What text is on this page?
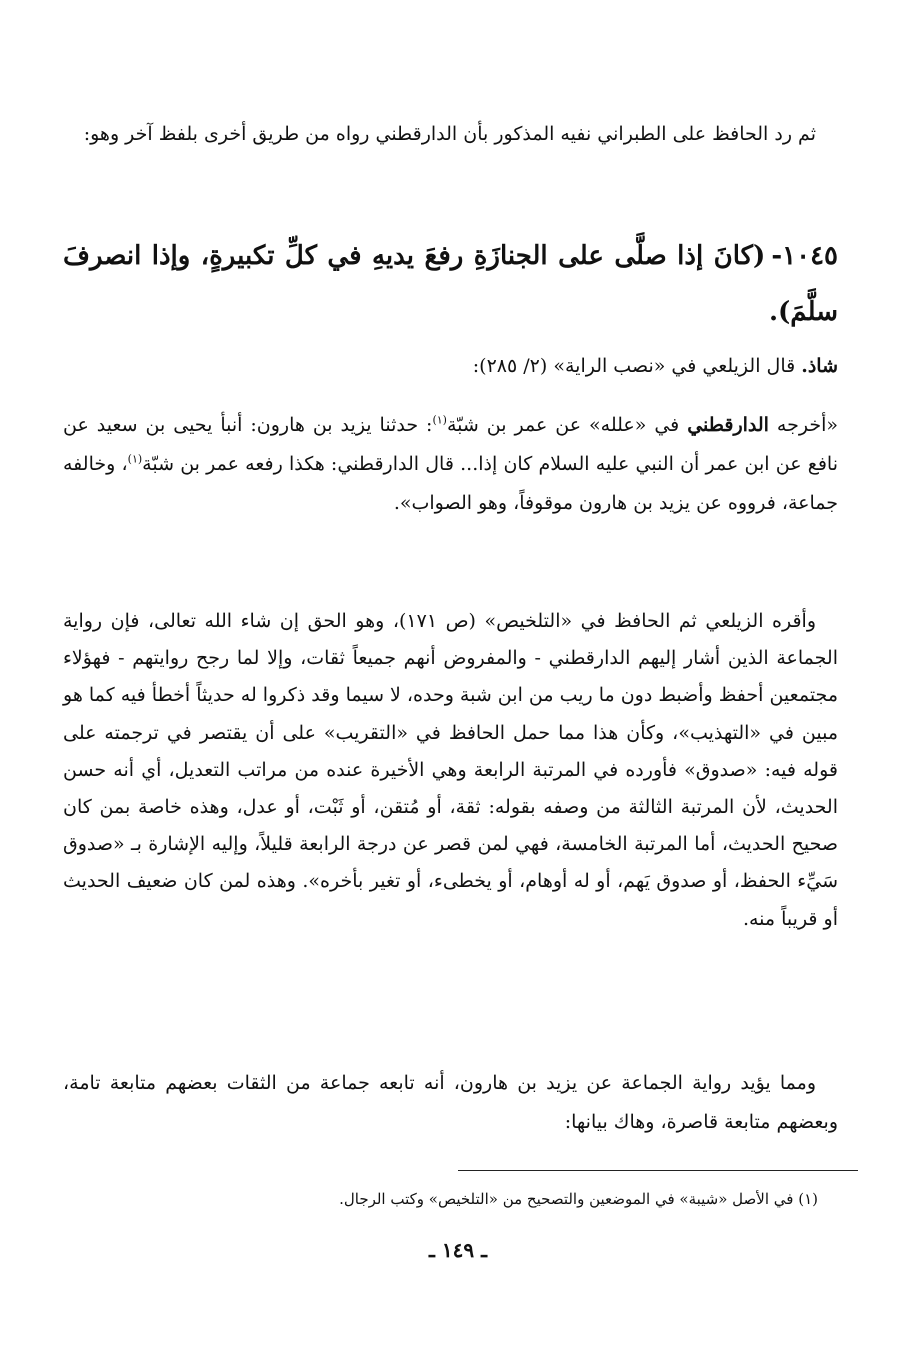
ثم رد الحافظ على الطبراني نفيه المذكور بأن الدارقطني رواه من طريق أخرى بلفظ آخر وهو:

١٠٤٥-(كانَ إذا صلَّى على الجنازَةِ رفعَ يديهِ في كلِّ تكبيرةٍ، وإذا انصرفَ سلَّمَ).

شاذ.قال الزيلعي في «نصب الراية» (٢/ ٢٨٥):

«أخرجه الدارقطني في «علله» عن عمر بن شبّة$^{(١)}$: حدثنا يزيد بن هارون: أنبأ يحيى بن سعيد عن نافع عن ابن عمر أن النبي عليه السلام كان إذا... قال الدارقطني: هكذا رفعه عمر بن شبّة$^{(١)}$، وخالفه جماعة، فرووه عن يزيد بن هارون موقوفاً، وهو الصواب».

وأقره الزيلعي ثم الحافظ في «التلخيص» (ص ١٧١)، وهو الحق إن شاء الله تعالى، فإن رواية الجماعة الذين أشار إليهم الدارقطني - والمفروض أنهم جميعاً ثقات، وإلا لما رجح روايتهم - فهؤلاء مجتمعين أحفظ وأضبط دون ما ريب من ابن شبة وحده، لا سيما وقد ذكروا له حديثاً أخطأ فيه كما هو مبين في «التهذيب»، وكأن هذا مما حمل الحافظ في «التقريب» على أن يقتصر في ترجمته على قوله فيه: «صدوق» فأورده في المرتبة الرابعة وهي الأخيرة عنده من مراتب التعديل، أي أنه حسن الحديث، لأن المرتبة الثالثة من وصفه بقوله: ثقة، أو مُتقن، أو ثَبْت، أو عدل، وهذه خاصة بمن كان صحيح الحديث، أما المرتبة الخامسة، فهي لمن قصر عن درجة الرابعة قليلاً، وإليه الإشارة بـ «صدوق سَيِّء الحفظ، أو صدوق يَهم، أو له أوهام، أو يخطىء، أو تغير بأخره». وهذه لمن كان ضعيف الحديث أو قريباً منه.

ومما يؤيد رواية الجماعة عن يزيد بن هارون، أنه تابعه جماعة من الثقات بعضهم متابعة تامة، وبعضهم متابعة قاصرة، وهاك بيانها:

(١) في الأصل «شيبة» في الموضعين والتصحيح من «التلخيص» وكتب الرجال.

ـ ١٤٩ ـ
